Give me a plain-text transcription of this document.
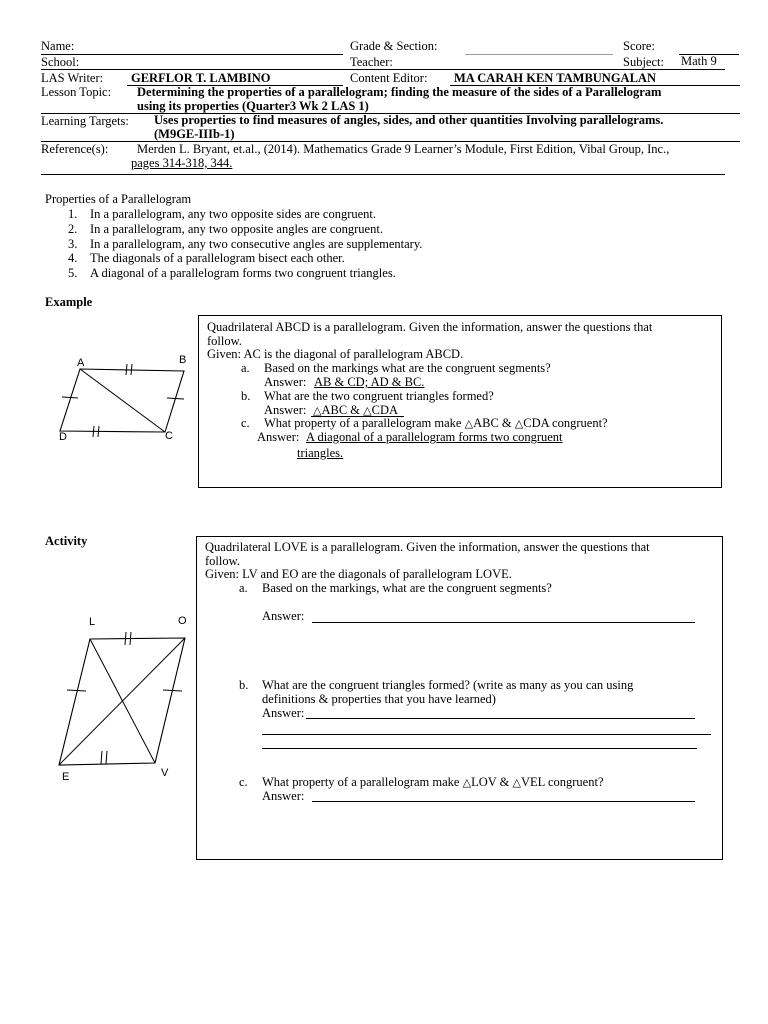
Name:	Grade & Section:	Score:
School:	Teacher:	Subject: Math 9
LAS Writer: GERFLOR T. LAMBINO	Content Editor: MA CARAH KEN TAMBUNGALAN
Lesson Topic: Determining the properties of a parallelogram; finding the measure of the sides of a Parallelogram
using its properties (Quarter3 Wk 2 LAS 1)
Learning Targets: Uses properties to find measures of angles, sides, and other quantities Involving parallelograms.
(M9GE-IIIb-1)
Reference(s): Merden L. Bryant, et.al., (2014). Mathematics Grade 9 Learner’s Module, First Edition, Vibal Group, Inc.,
pages 314-318, 344.
Properties of a Parallelogram
1. In a parallelogram, any two opposite sides are congruent.
2. In a parallelogram, any two opposite angles are congruent.
3. In a parallelogram, any two consecutive angles are supplementary.
4. The diagonals of a parallelogram bisect each other.
5. A diagonal of a parallelogram forms two congruent triangles.
Example
A	B
C
D
Quadrilateral ABCD is a parallelogram. Given the information, answer the questions that
follow.
Given: AC is the diagonal of parallelogram ABCD.
a. Based on the markings what are the congruent segments?
Answer: AB & CD; AD & BC.
b. What are the two congruent triangles formed?
Answer: △ABC & △CDA
c. What property of a parallelogram make △ABC & △CDA congruent?
Answer: A diagonal of a parallelogram forms two congruent
triangles.
Activity
L	O
V
E
Quadrilateral LOVE is a parallelogram. Given the information, answer the questions that
follow.
Given: LV and EO are the diagonals of parallelogram LOVE.
a. Based on the markings, what are the congruent segments?
Answer:
b. What are the congruent triangles formed? (write as many as you can using
definitions & properties that you have learned)
Answer:
c. What property of a parallelogram make △LOV & △VEL congruent?
Answer:
